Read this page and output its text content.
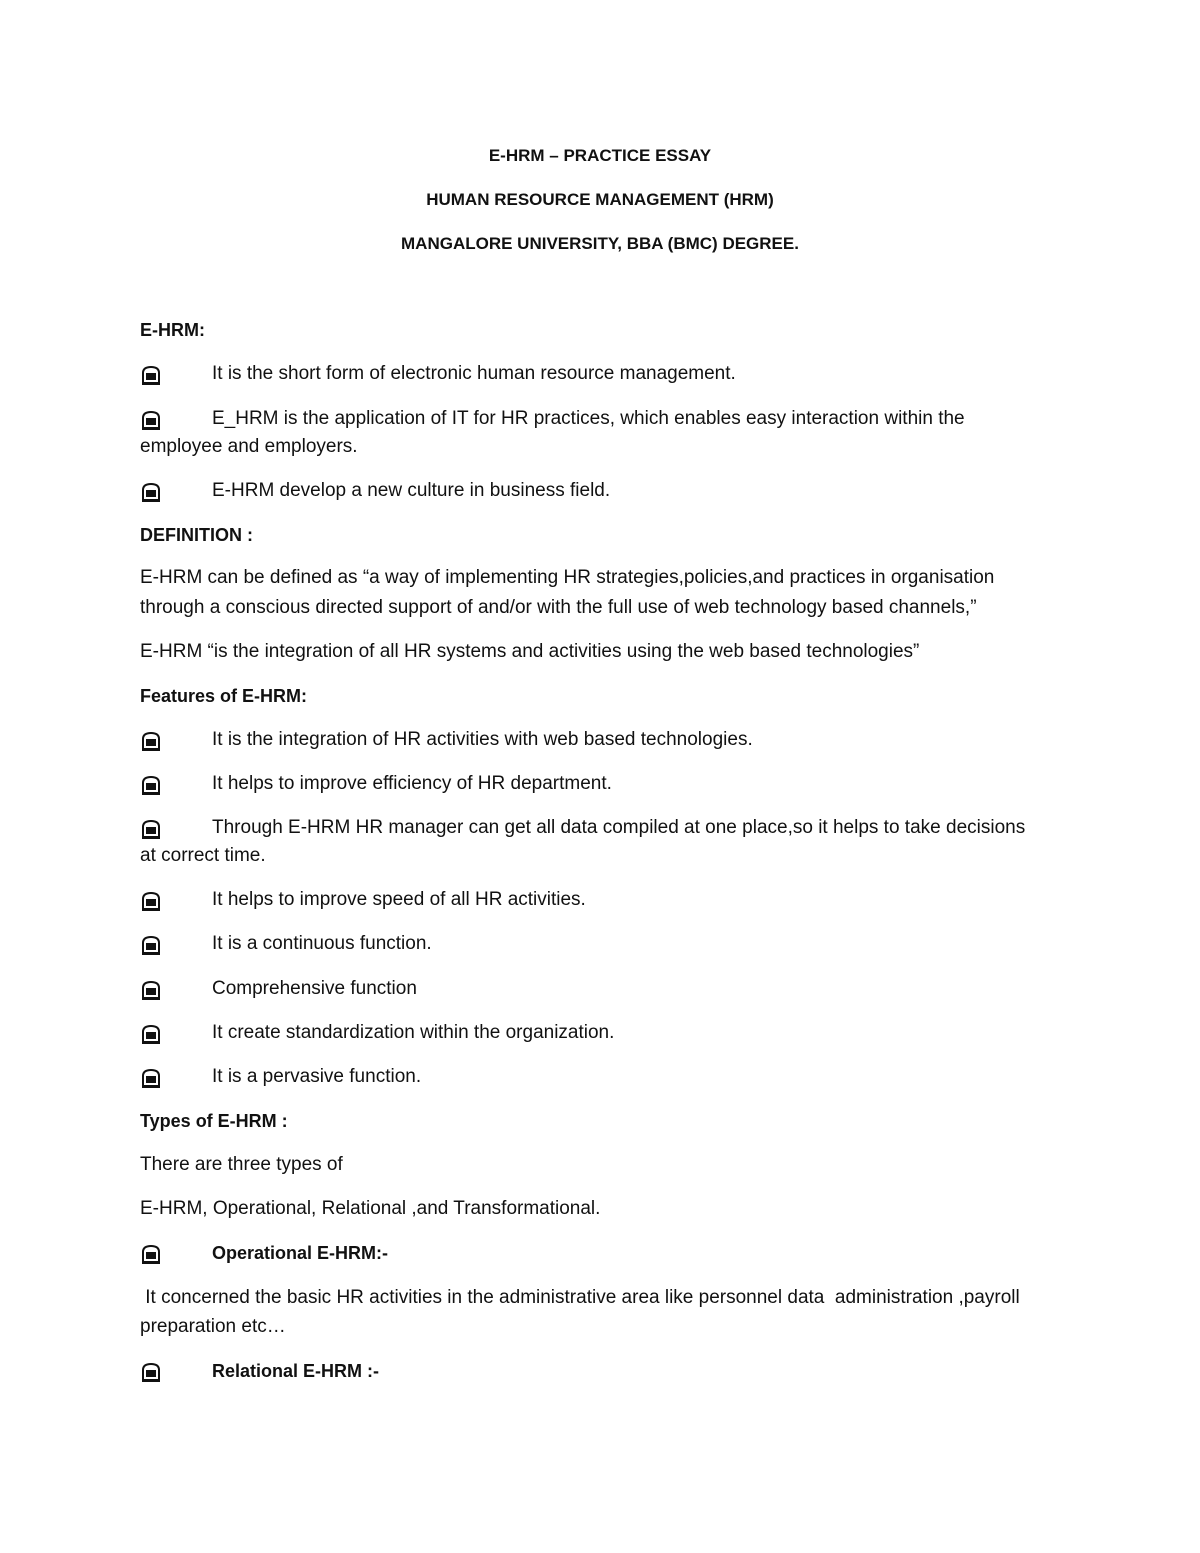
E-HRM – PRACTICE ESSAY
HUMAN RESOURCE MANAGEMENT (HRM)
MANGALORE UNIVERSITY, BBA (BMC) DEGREE.
E-HRM:
It is the short form of electronic human resource management.
E_HRM is the application of IT for HR practices, which enables easy interaction within the
employee and employers.
E-HRM develop a new culture in business field.
DEFINITION :
E-HRM can be defined as “a way of implementing HR strategies,policies,and practices in organisation
through a conscious directed support of and/or with the full use of web technology based channels,”
E-HRM “is the integration of all HR systems and activities using the web based technologies”
Features of E-HRM:
It is the integration of HR activities with web based technologies.
It helps to improve efficiency of HR department.
Through E-HRM HR manager can get all data compiled at one place,so it helps to take decisions
at correct time.
It helps to improve speed of all HR activities.
It is a continuous function.
Comprehensive function
It create standardization within the organization.
It is a pervasive function.
Types of E-HRM :
There are three types of
E-HRM, Operational, Relational ,and Transformational.
Operational E-HRM:-
It concerned the basic HR activities in the administrative area like personnel data  administration ,payroll
preparation etc…
Relational E-HRM :-
